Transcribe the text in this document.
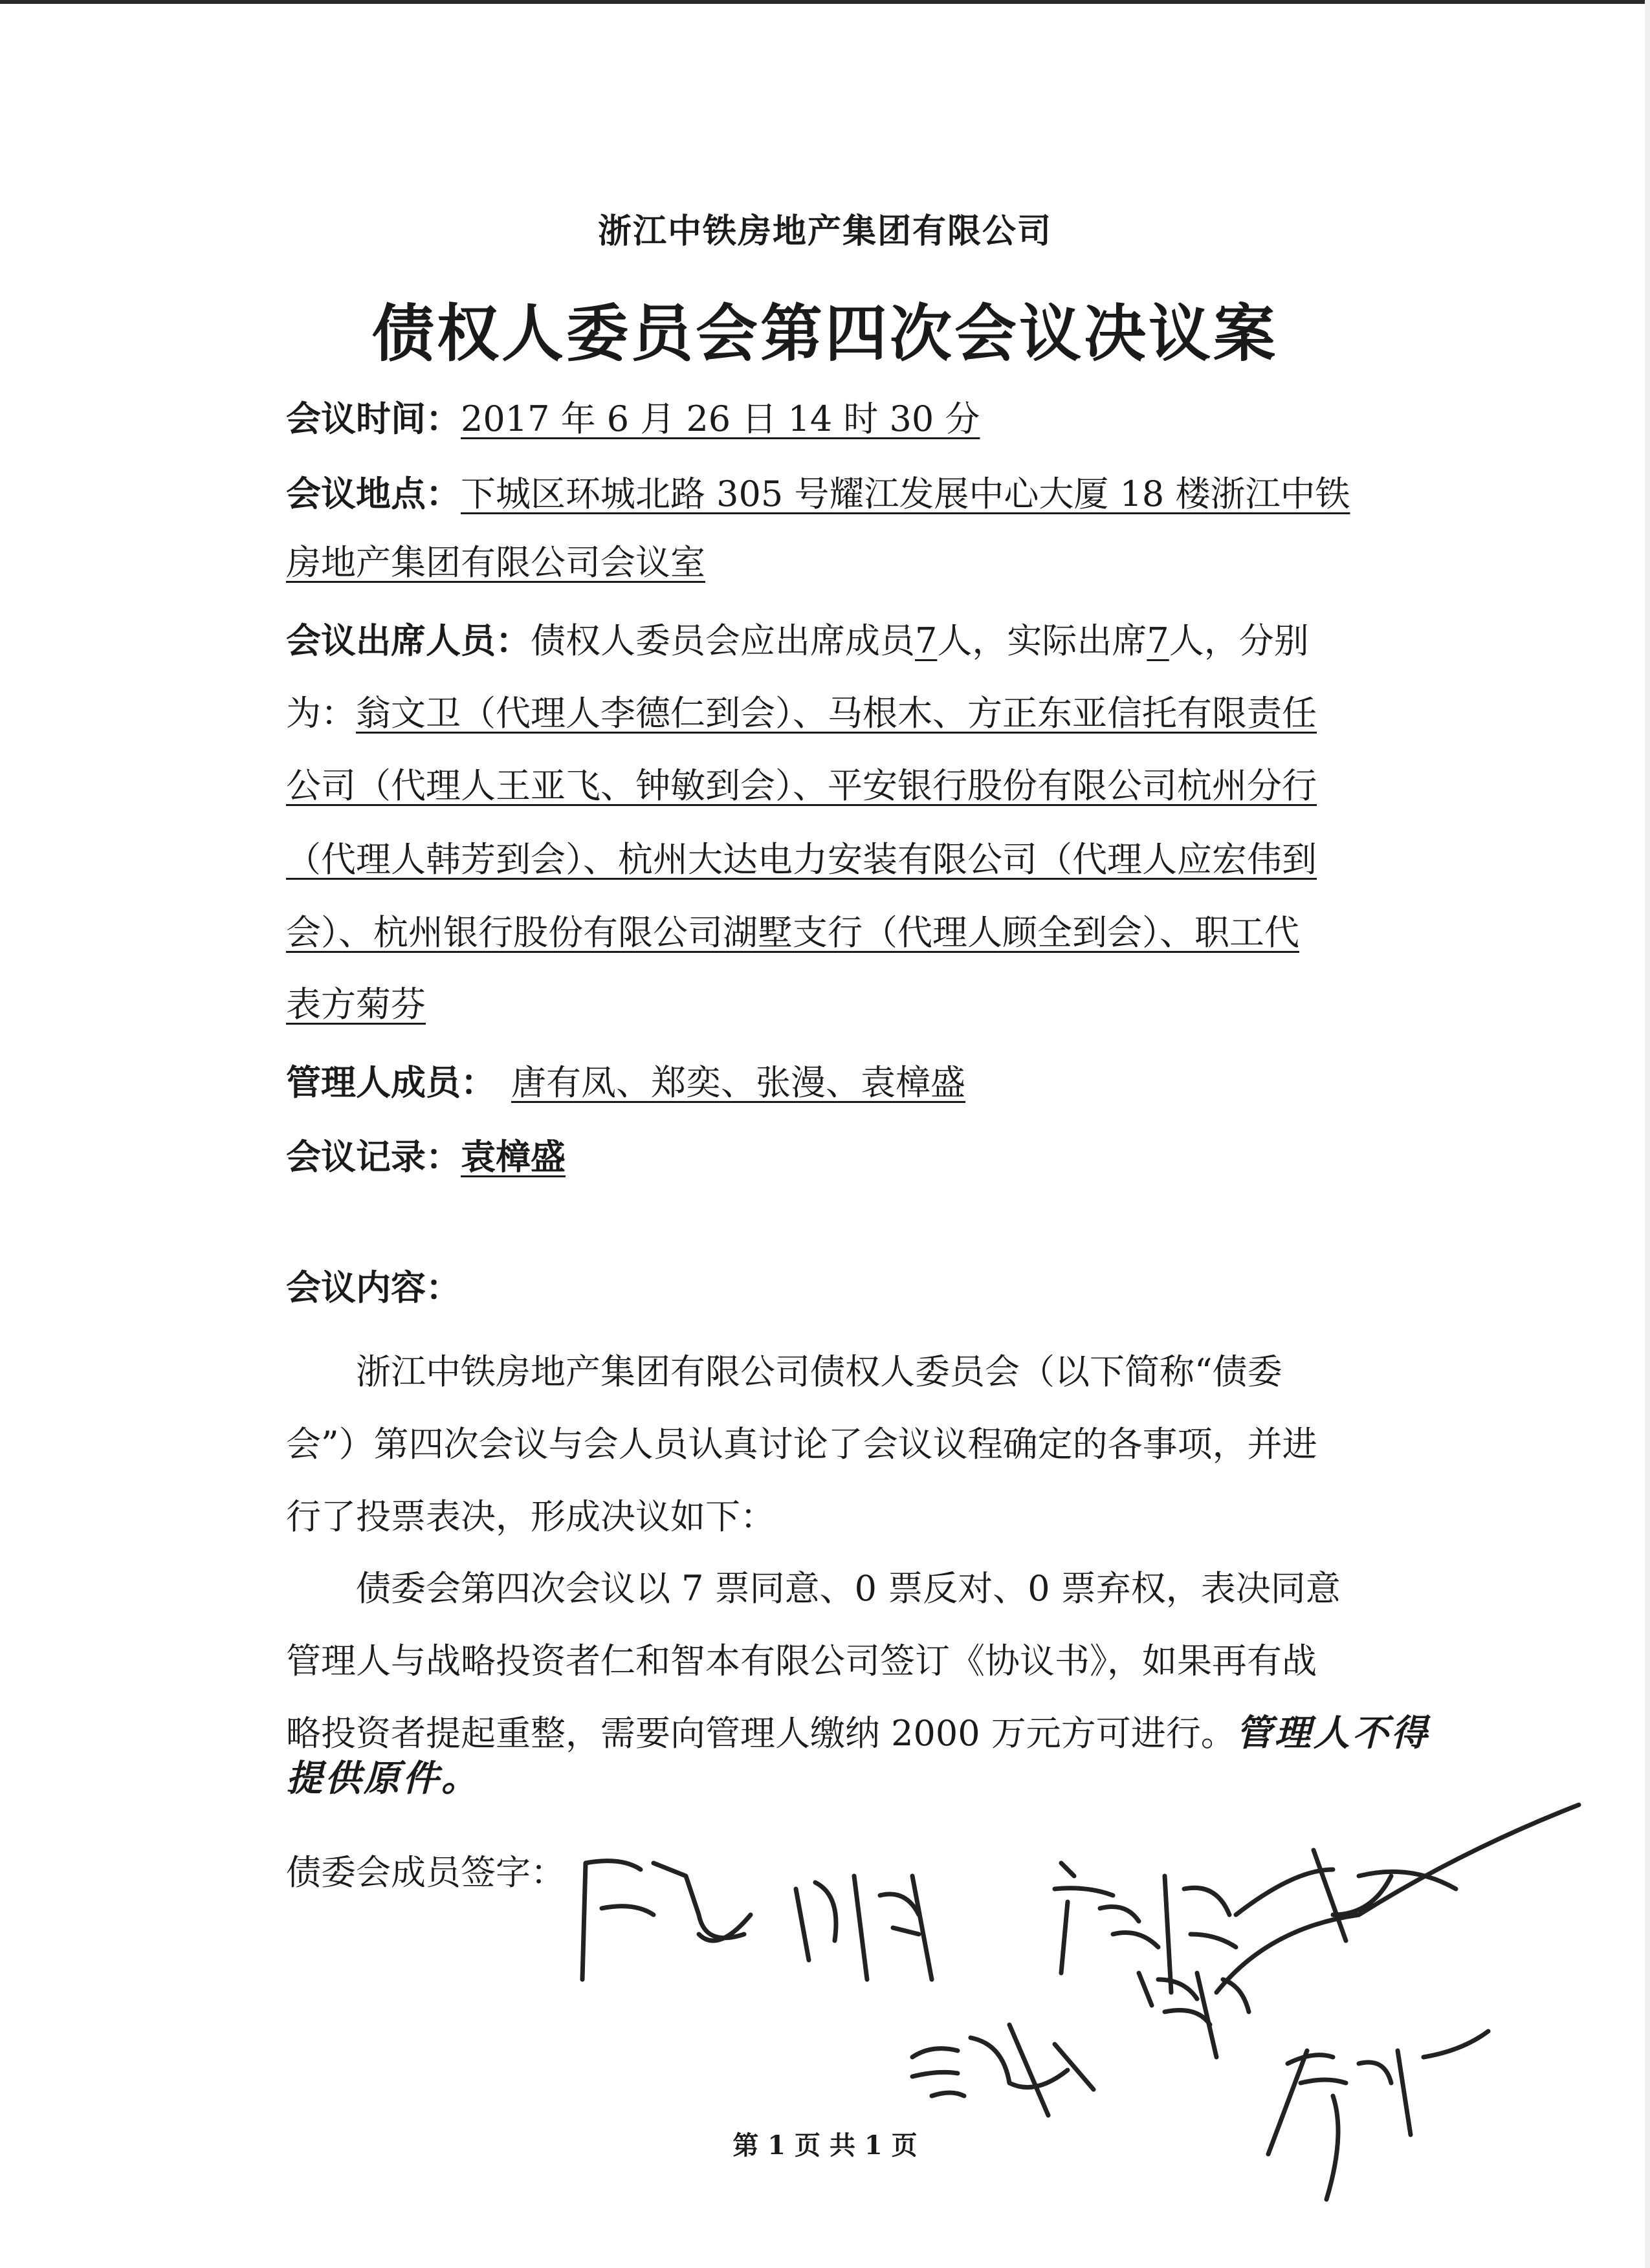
浙江中铁房地产集团有限公司
债权人委员会第四次会议决议案
会议时间：2017 年 6 月 26 日 14 时 30 分
会议地点：下城区环城北路 305 号耀江发展中心大厦 18 楼浙江中铁
房地产集团有限公司会议室
会议出席人员：债权人委员会应出席成员7人，实际出席7人，分别
为：翁文卫（代理人李德仁到会）、马根木、方正东亚信托有限责任
公司（代理人王亚飞、钟敏到会）、平安银行股份有限公司杭州分行
（代理人韩芳到会）、杭州大达电力安装有限公司（代理人应宏伟到
会）、杭州银行股份有限公司湖墅支行（代理人顾全到会）、职工代
表方菊芬
管理人成员： 唐有凤、郑奕、张漫、袁樟盛
会议记录：袁樟盛
会议内容：
浙江中铁房地产集团有限公司债权人委员会（以下简称“债委
会”）第四次会议与会人员认真讨论了会议议程确定的各事项，并进
行了投票表决，形成决议如下：
债委会第四次会议以 7 票同意、0 票反对、0 票弃权，表决同意
管理人与战略投资者仁和智本有限公司签订《协议书》，如果再有战
略投资者提起重整，需要向管理人缴纳 2000 万元方可进行。管理人不得
提供原件。
债委会成员签字：
第 1 页 共 1 页
